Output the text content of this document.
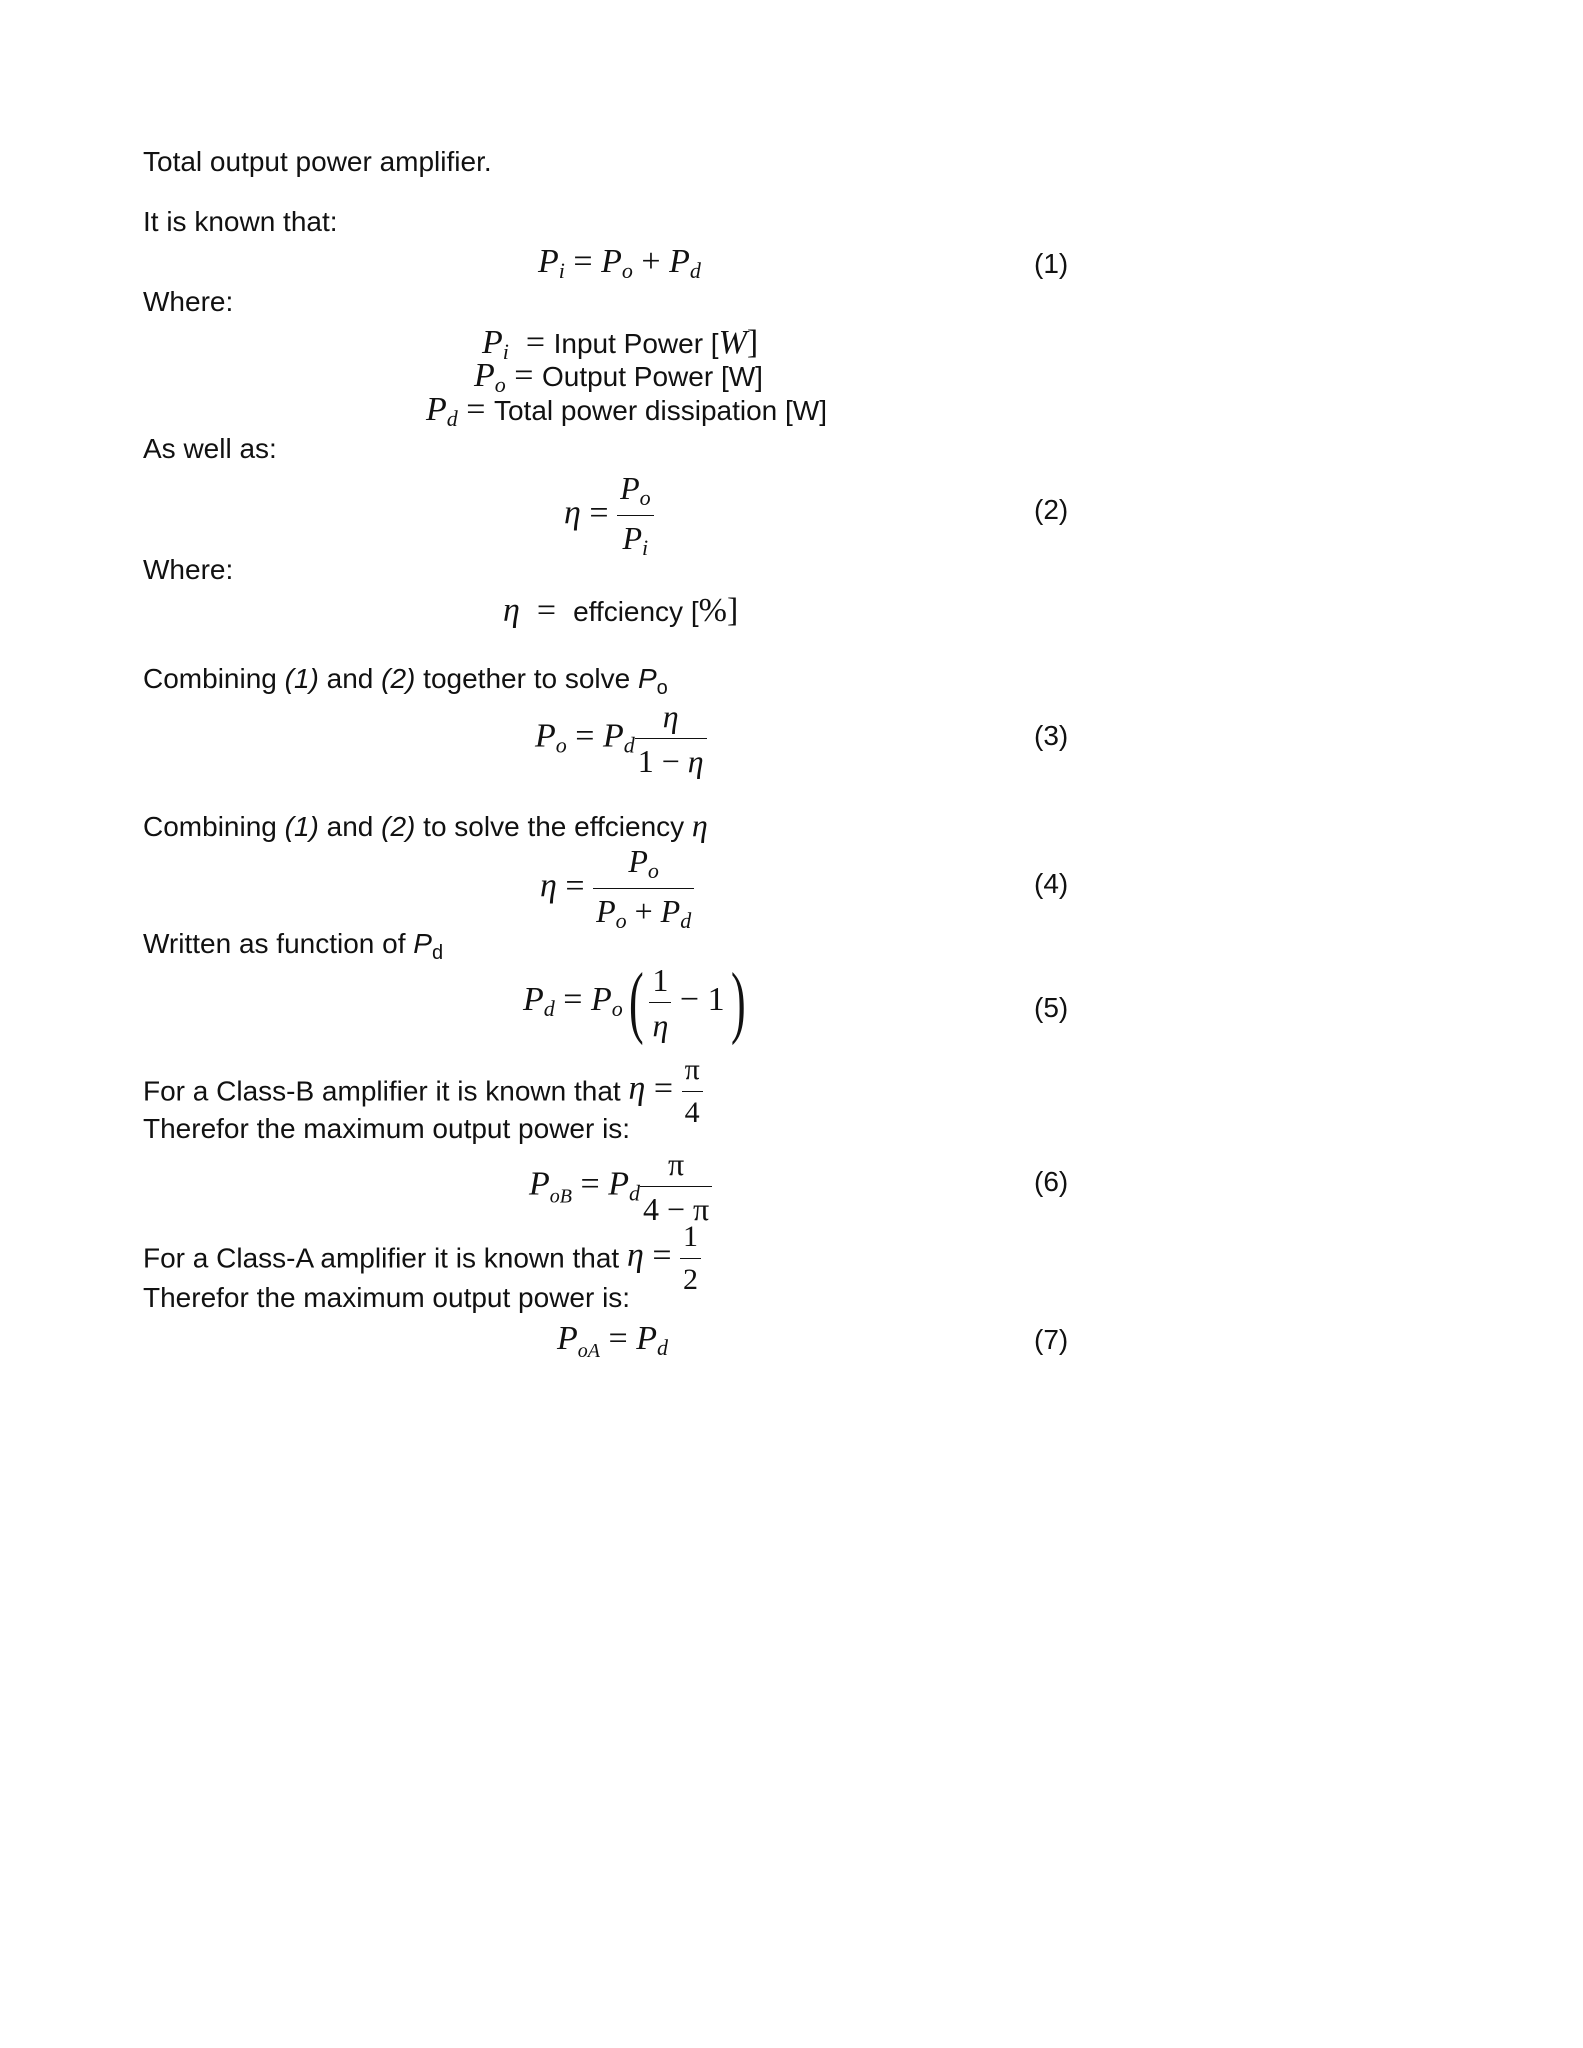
Total output power amplifier.
It is known that:
$P_i = P_o + P_d$	(1)
Where:
$P_i$ = Input Power [W]
$P_o$ = Output Power [W]
$P_d$ = Total power dissipation [W]
As well as:
$\eta = \frac{P_o}{P_i}$	(2)
Where:
η = effciency [%]
Combining (1) and (2) together to solve $P_o$
$P_o = P_d \frac{\eta}{1 - \eta}$	(3)
Combining (1) and (2) to solve the effciency η
$\eta = \frac{P_o}{P_o + P_d}$	(4)
Written as function of $P_d$
$P_d = P_o( \frac{1}{\eta} - 1)$	(5)
For a Class-B amplifier it is known that $\eta = \frac{\pi}{4}$
Therefor the maximum output power is:
$P_{oB} = P_d \frac{\pi}{4 - \pi}$	(6)
For a Class-A amplifier it is known that $\eta = \frac{1}{2}$
Therefor the maximum output power is:
$P_{oA} = P_d$	(7)
